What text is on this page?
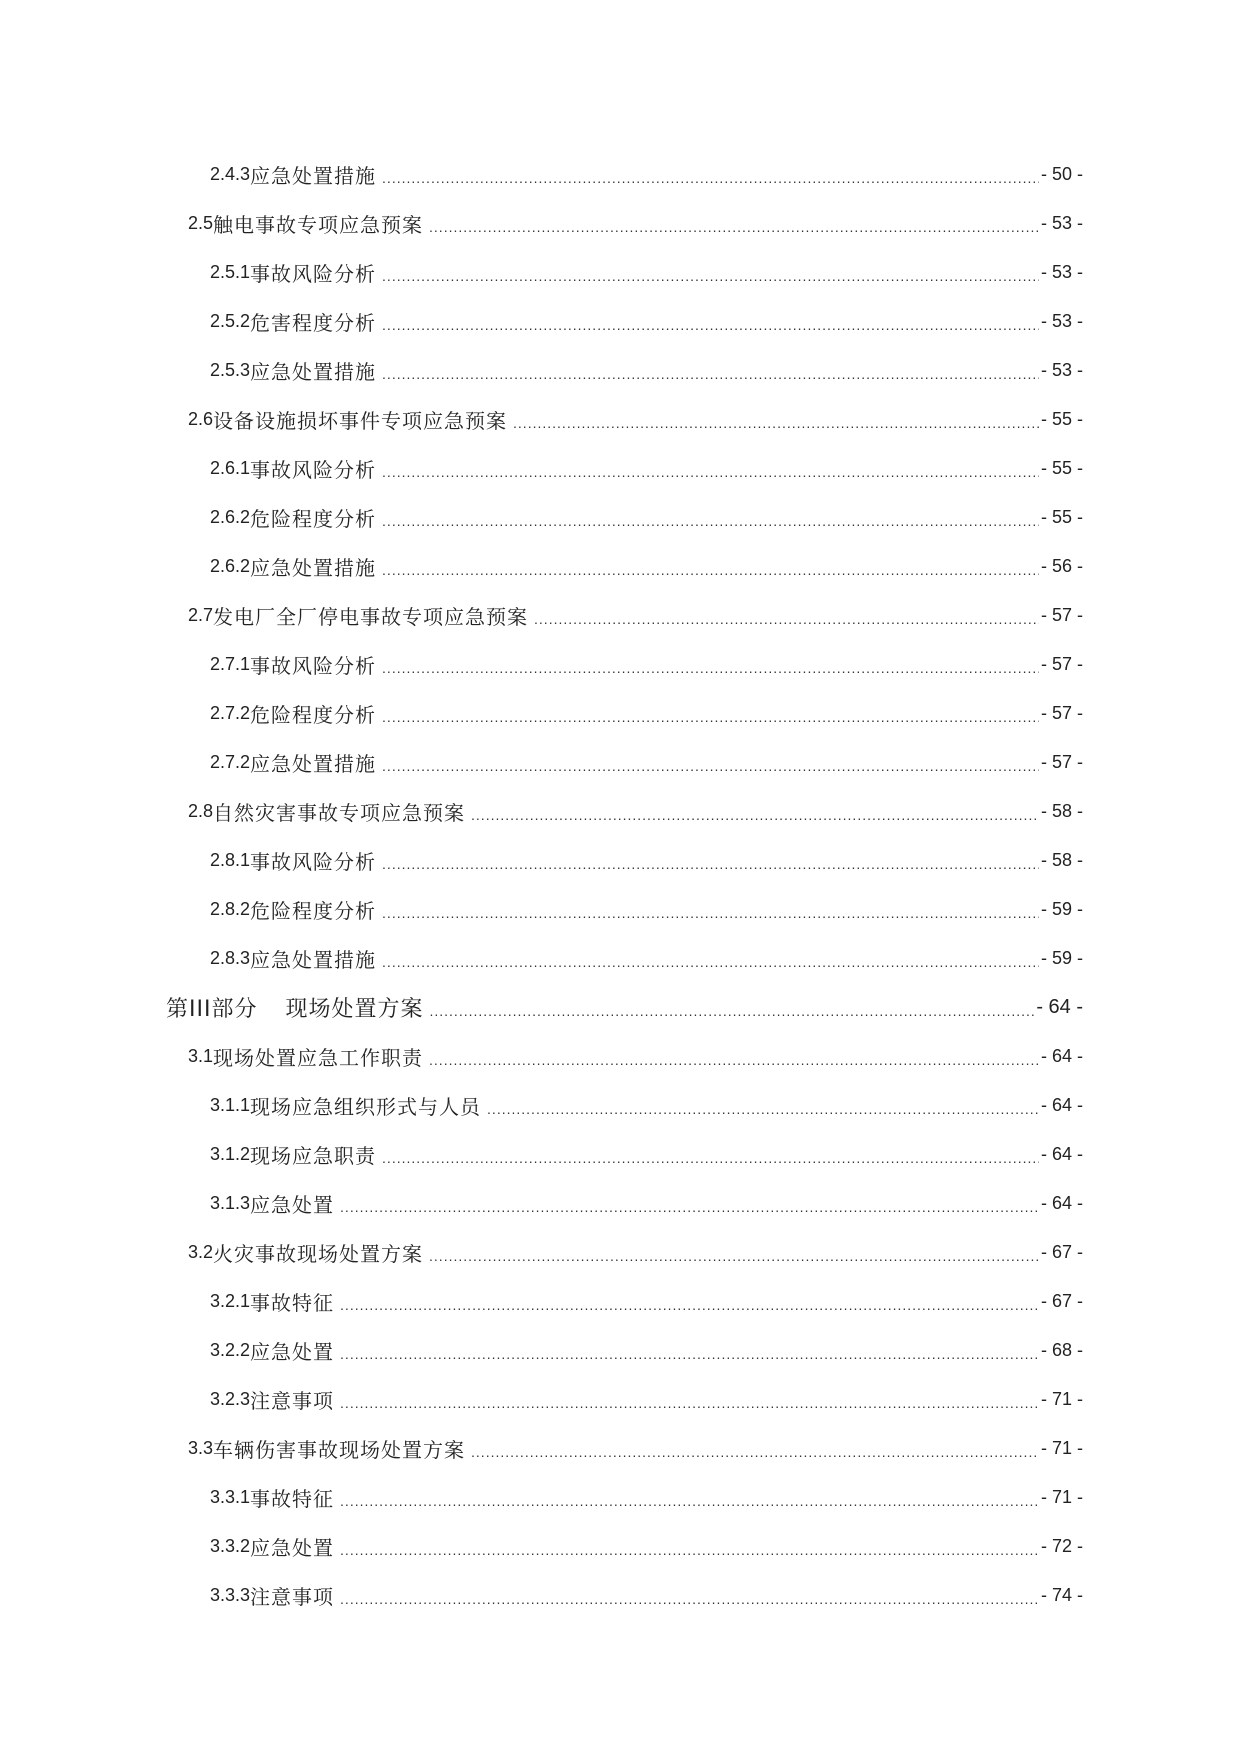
2.4.3 应急处置措施 .....	- 50 -
2.5 触电事故专项应急预案 .....	- 53 -
2.5.1 事故风险分析 .....	- 53 -
2.5.2 危害程度分析 .....	- 53 -
2.5.3 应急处置措施 .....	- 53 -
2.6 设备设施损坏事件专项应急预案 .....	- 55 -
2.6.1 事故风险分析 .....	- 55 -
2.6.2 危险程度分析 .....	- 55 -
2.6.2 应急处置措施 .....	- 56 -
2.7 发电厂全厂停电事故专项应急预案 .....	- 57 -
2.7.1 事故风险分析 .....	- 57 -
2.7.2 危险程度分析 .....	- 57 -
2.7.2 应急处置措施 .....	- 57 -
2.8 自然灾害事故专项应急预案 .....	- 58 -
2.8.1 事故风险分析 .....	- 58 -
2.8.2 危险程度分析 .....	- 59 -
2.8.3 应急处置措施 .....	- 59 -
第III部分 现场处置方案 .....	- 64 -
3.1 现场处置应急工作职责 .....	- 64 -
3.1.1 现场应急组织形式与人员 .....	- 64 -
3.1.2 现场应急职责 .....	- 64 -
3.1.3 应急处置 .....	- 64 -
3.2 火灾事故现场处置方案 .....	- 67 -
3.2.1 事故特征 .....	- 67 -
3.2.2 应急处置 .....	- 68 -
3.2.3 注意事项 .....	- 71 -
3.3 车辆伤害事故现场处置方案 .....	- 71 -
3.3.1 事故特征 .....	- 71 -
3.3.2 应急处置 .....	- 72 -
3.3.3 注意事项 .....	- 74 -
